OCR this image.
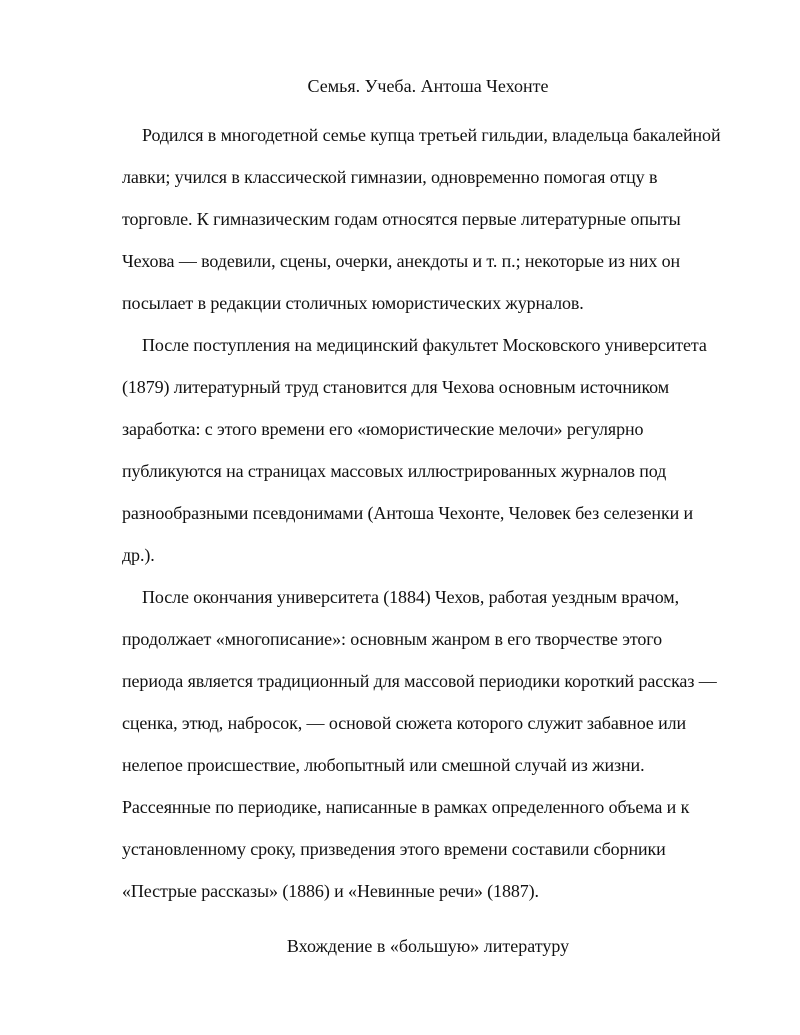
Семья. Учеба. Антоша Чехонте

Родился в многодетной семье купца третьей гильдии, владельца бакалейной
лавки; учился в классической гимназии, одновременно помогая отцу в
торговле. К гимназическим годам относятся первые литературные опыты
Чехова — водевили, сцены, очерки, анекдоты и т. п.; некоторые из них он
посылает в редакции столичных юмористических журналов.

После поступления на медицинский факультет Московского университета
(1879) литературный труд становится для Чехова основным источником
заработка: с этого времени его «юмористические мелочи» регулярно
публикуются на страницах массовых иллюстрированных журналов под
разнообразными псевдонимами (Антоша Чехонте, Человек без селезенки и
др.).

После окончания университета (1884) Чехов, работая уездным врачом,
продолжает «многописание»: основным жанром в его творчестве этого
периода является традиционный для массовой периодики короткий рассказ —
сценка, этюд, набросок, — основой сюжета которого служит забавное или
нелепое происшествие, любопытный или смешной случай из жизни.
Рассеянные по периодике, написанные в рамках определенного объема и к
установленному сроку, призведения этого времени составили сборники
«Пестрые рассказы» (1886) и «Невинные речи» (1887).

Вхождение в «большую» литературу
